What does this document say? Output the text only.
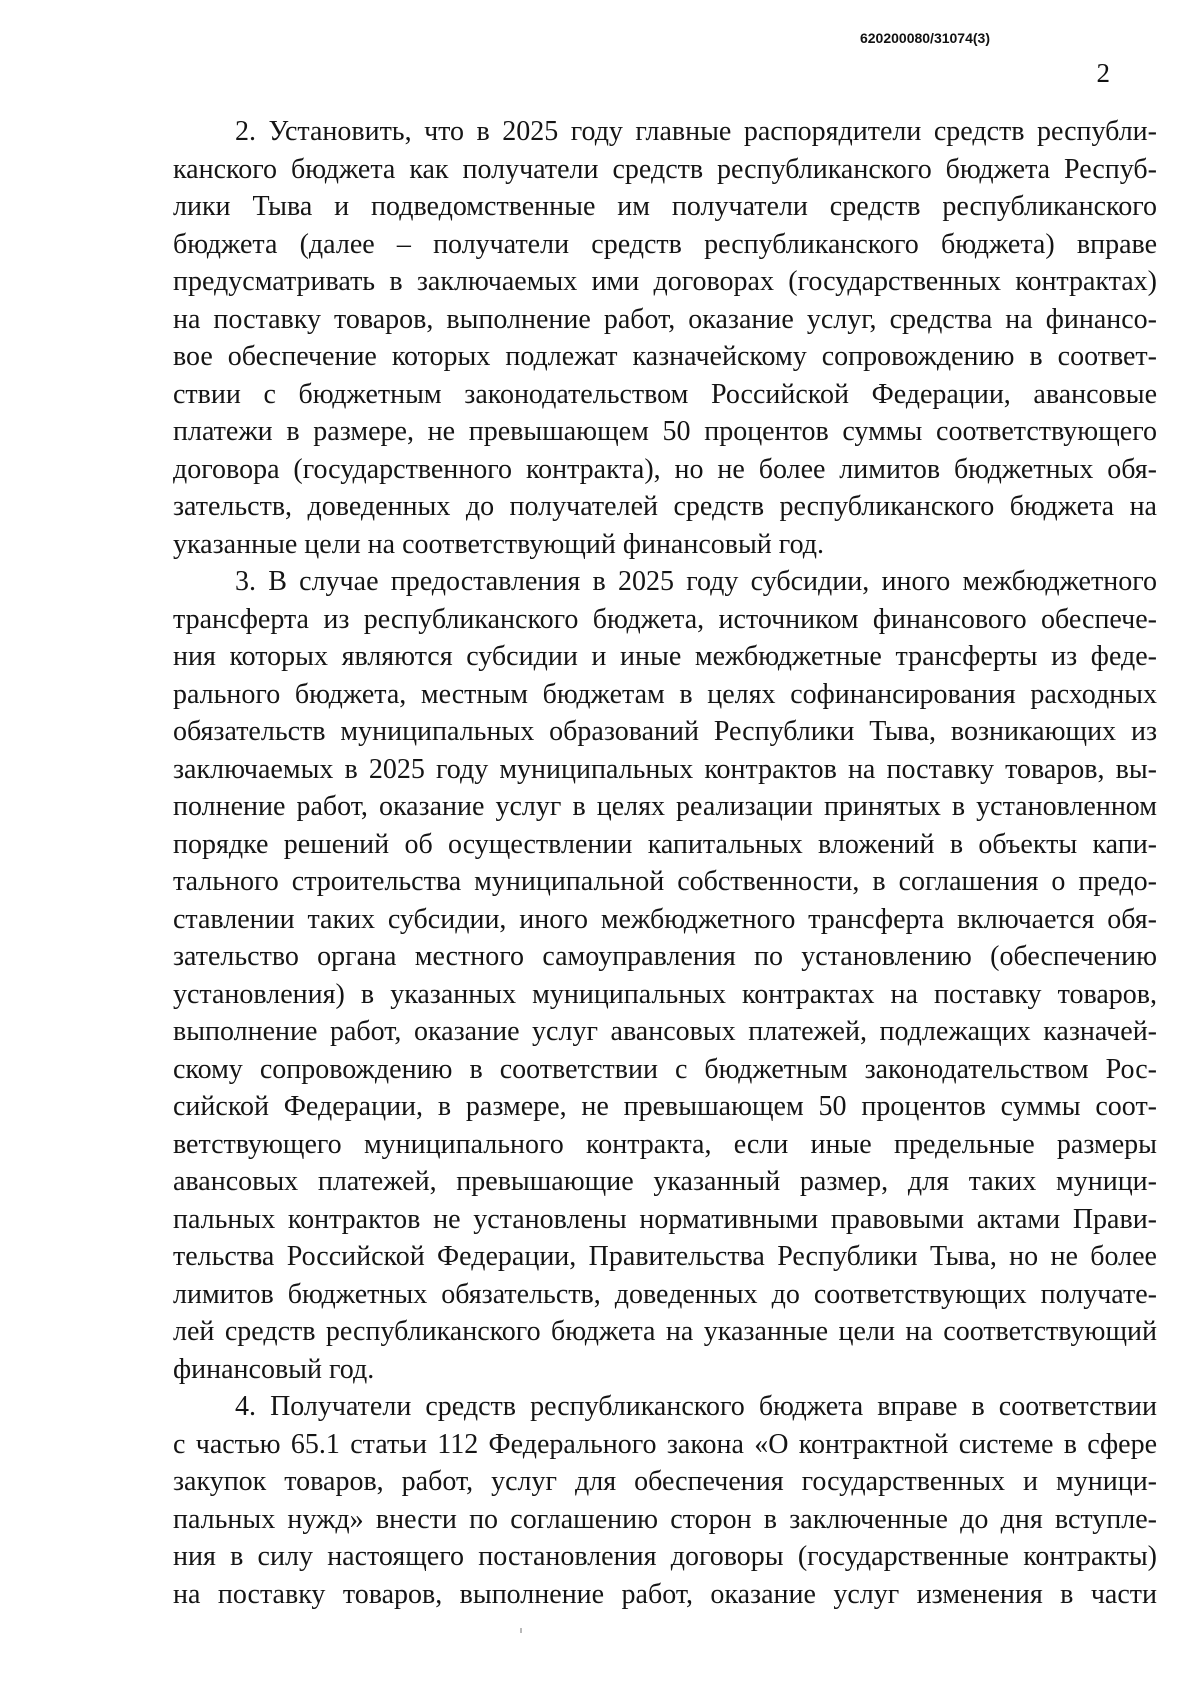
620200080/31074(3)
2

2. Установить, что в 2025 году главные распорядители средств республи-
канского бюджета как получатели средств республиканского бюджета Респуб-
лики Тыва и подведомственные им получатели средств республиканского
бюджета (далее – получатели средств республиканского бюджета) вправе
предусматривать в заключаемых ими договорах (государственных контрактах)
на поставку товаров, выполнение работ, оказание услуг, средства на финансо-
вое обеспечение которых подлежат казначейскому сопровождению в соответ-
ствии с бюджетным законодательством Российской Федерации, авансовые
платежи в размере, не превышающем 50 процентов суммы соответствующего
договора (государственного контракта), но не более лимитов бюджетных обя-
зательств, доведенных до получателей средств республиканского бюджета на
указанные цели на соответствующий финансовый год.

3. В случае предоставления в 2025 году субсидии, иного межбюджетного
трансферта из республиканского бюджета, источником финансового обеспече-
ния которых являются субсидии и иные межбюджетные трансферты из феде-
рального бюджета, местным бюджетам в целях софинансирования расходных
обязательств муниципальных образований Республики Тыва, возникающих из
заключаемых в 2025 году муниципальных контрактов на поставку товаров, вы-
полнение работ, оказание услуг в целях реализации принятых в установленном
порядке решений об осуществлении капитальных вложений в объекты капи-
тального строительства муниципальной собственности, в соглашения о предо-
ставлении таких субсидии, иного межбюджетного трансферта включается обя-
зательство органа местного самоуправления по установлению (обеспечению
установления) в указанных муниципальных контрактах на поставку товаров,
выполнение работ, оказание услуг авансовых платежей, подлежащих казначей-
скому сопровождению в соответствии с бюджетным законодательством Рос-
сийской Федерации, в размере, не превышающем 50 процентов суммы соот-
ветствующего муниципального контракта, если иные предельные размеры
авансовых платежей, превышающие указанный размер, для таких муници-
пальных контрактов не установлены нормативными правовыми актами Прави-
тельства Российской Федерации, Правительства Республики Тыва, но не более
лимитов бюджетных обязательств, доведенных до соответствующих получате-
лей средств республиканского бюджета на указанные цели на соответствующий
финансовый год.

4. Получатели средств республиканского бюджета вправе в соответствии
с частью 65.1 статьи 112 Федерального закона «О контрактной системе в сфере
закупок товаров, работ, услуг для обеспечения государственных и муници-
пальных нужд» внести по соглашению сторон в заключенные до дня вступле-
ния в силу настоящего постановления договоры (государственные контракты)
на поставку товаров, выполнение работ, оказание услуг изменения в части
